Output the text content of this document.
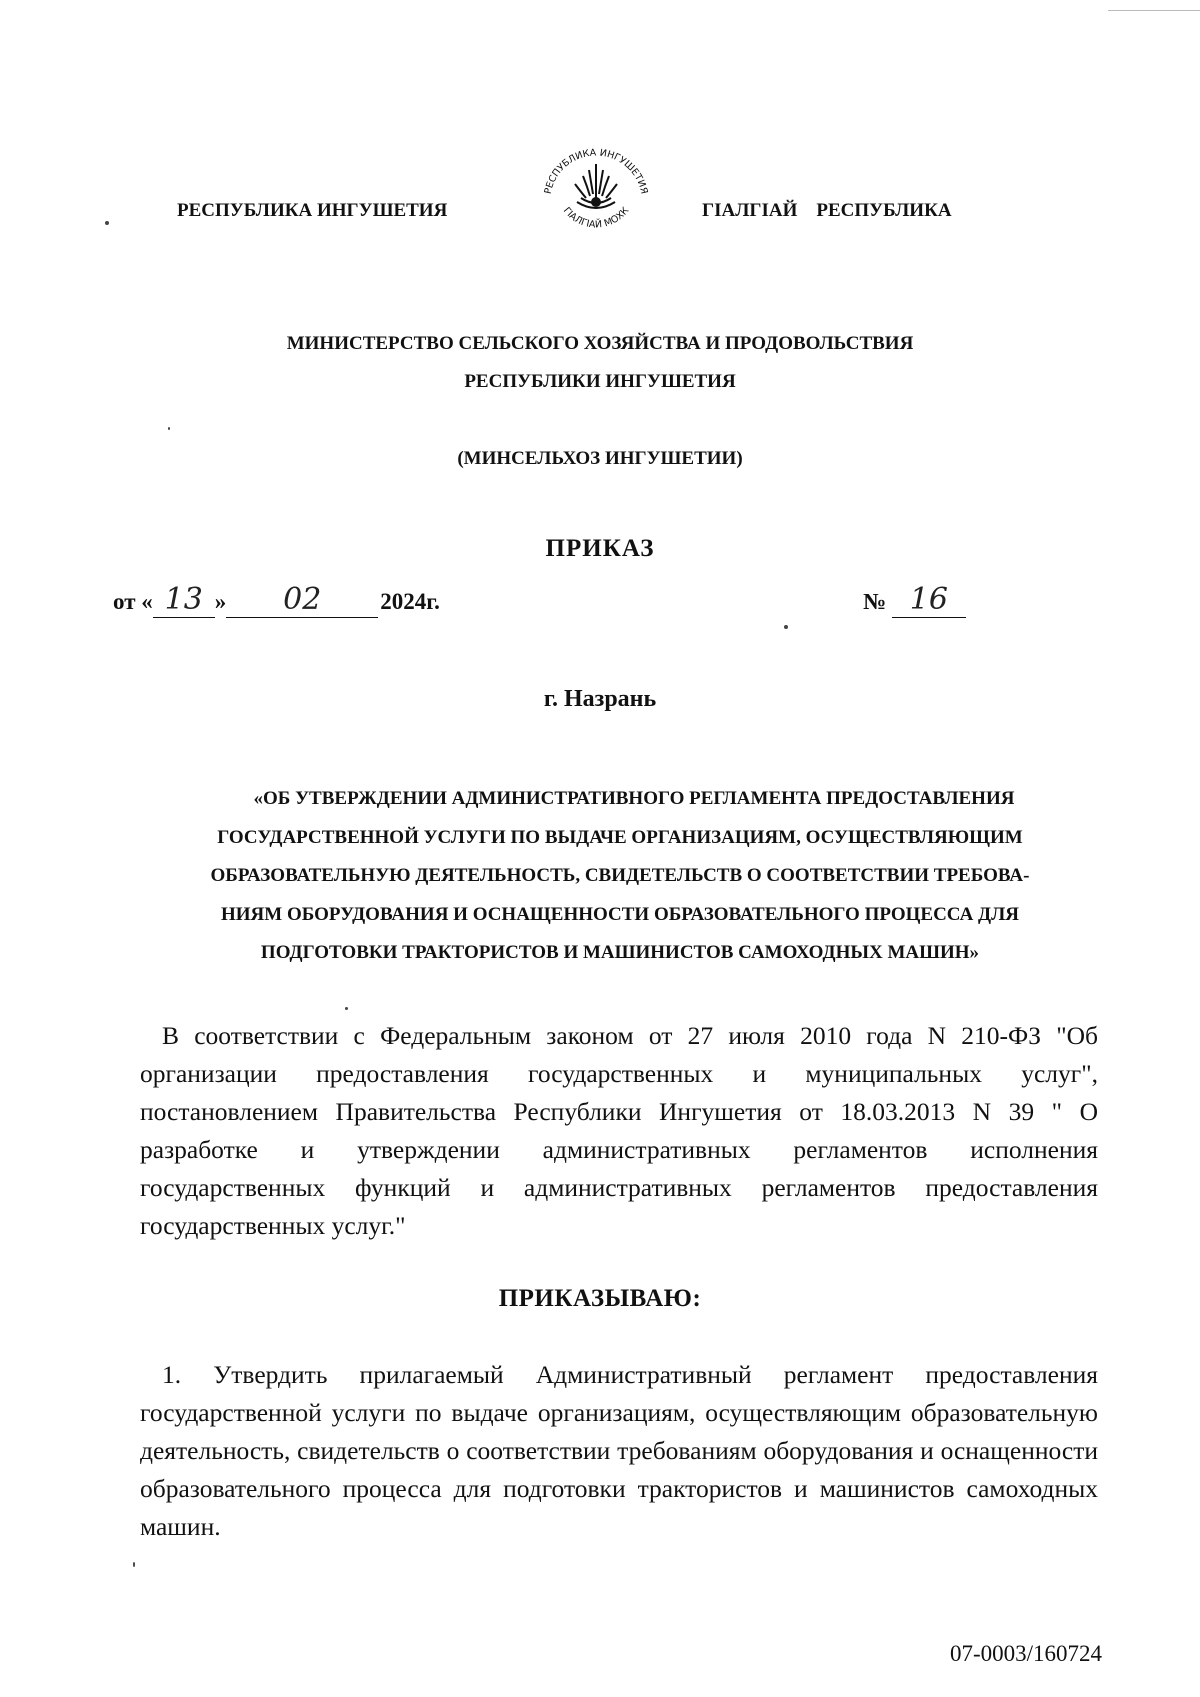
РЕСПУБЛИКА ИНГУШЕТИЯ
РЕСПУБЛИКА ИНГУШЕТИЯ
ГIАЛГIАЙ МОХК	ГIАЛГIАЙ    РЕСПУБЛИКА
МИНИСТЕРСТВО СЕЛЬСКОГО ХОЗЯЙСТВА И ПРОДОВОЛЬСТВИЯ
РЕСПУБЛИКИ ИНГУШЕТИЯ
(МИНСЕЛЬХОЗ ИНГУШЕТИИ)
ПРИКАЗ
от « 13 » 02	2024г.	№ 16
г. Назрань
«ОБ УТВЕРЖДЕНИИ АДМИНИСТРАТИВНОГО РЕГЛАМЕНТА ПРЕДОСТАВЛЕНИЯ
ГОСУДАРСТВЕННОЙ УСЛУГИ ПО ВЫДАЧЕ ОРГАНИЗАЦИЯМ, ОСУЩЕСТВЛЯЮЩИМ
ОБРАЗОВАТЕЛЬНУЮ ДЕЯТЕЛЬНОСТЬ, СВИДЕТЕЛЬСТВ О СООТВЕТСТВИИ ТРЕБОВА-
НИЯМ ОБОРУДОВАНИЯ И ОСНАЩЕННОСТИ ОБРАЗОВАТЕЛЬНОГО ПРОЦЕССА ДЛЯ
ПОДГОТОВКИ ТРАКТОРИСТОВ И МАШИНИСТОВ САМОХОДНЫХ МАШИН»

В соответствии с Федеральным законом от 27 июля 2010 года N 210-ФЗ "Об организации предоставления государственных и муниципальных услуг", постановлением Правительства Республики Ингушетия от 18.03.2013 N 39 " О разработке и утверждении административных регламентов исполнения государственных функций и административных регламентов предоставления государственных услуг."

ПРИКАЗЫВАЮ:

1. Утвердить прилагаемый Административный регламент предоставления государственной услуги по выдаче организациям, осуществляющим образовательную деятельность, свидетельств о соответствии требованиям оборудования и оснащенности образовательного процесса для подготовки трактористов и машинистов самоходных машин.

07-0003/160724
